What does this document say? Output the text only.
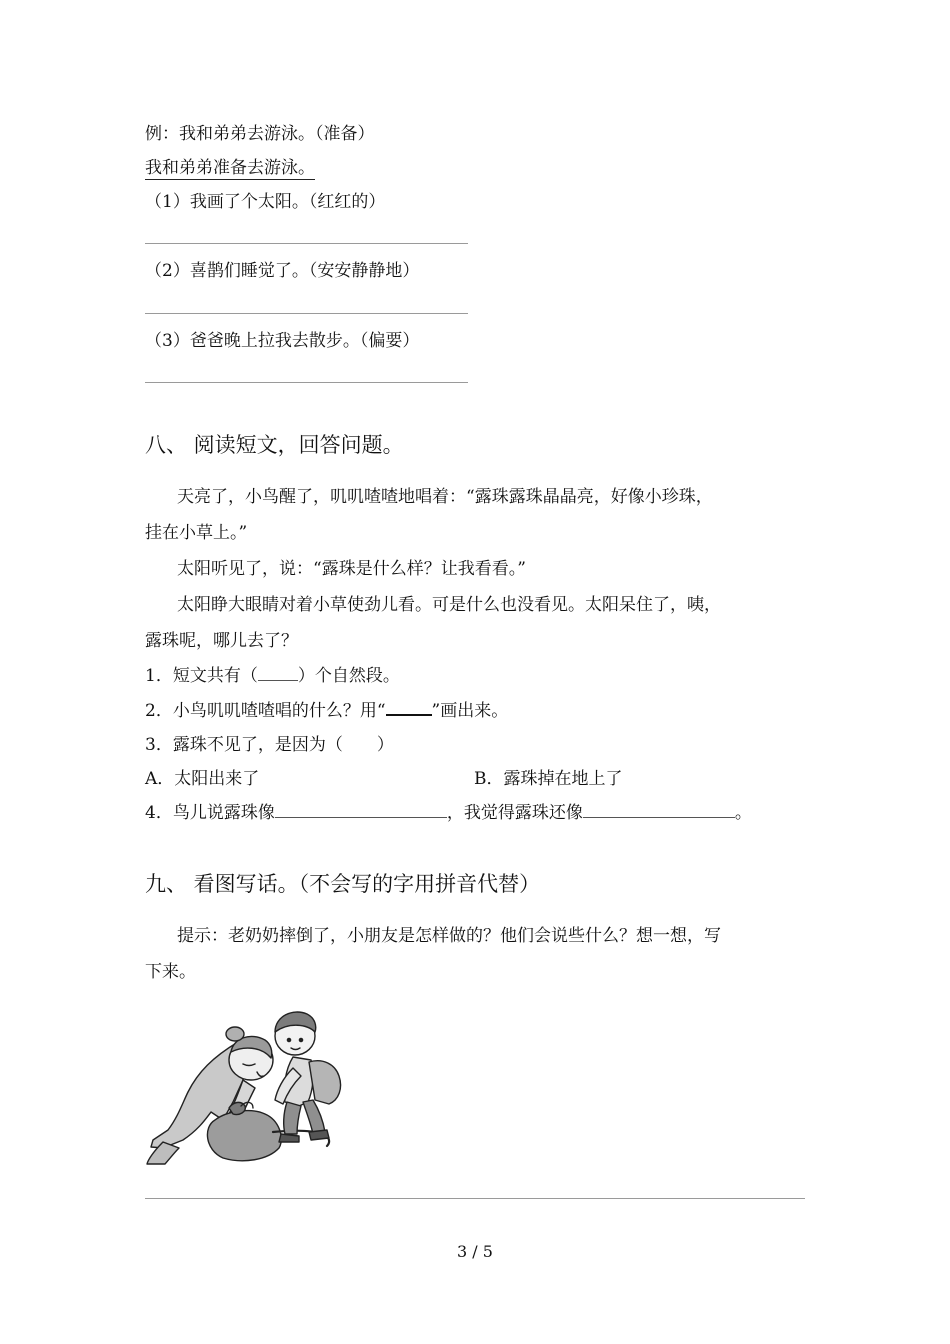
例：我和弟弟去游泳。（准备）
我和弟弟准备去游泳。
（1）我画了个太阳。（红红的）
（2）喜鹊们睡觉了。（安安静静地）
（3）爸爸晚上拉我去散步。（偏要）
八、 阅读短文，回答问题。
天亮了，小鸟醒了，叽叽喳喳地唱着：“露珠露珠晶晶亮，好像小珍珠，
挂在小草上。”
太阳听见了，说：“露珠是什么样？让我看看。”
太阳睁大眼睛对着小草使劲儿看。可是什么也没看见。太阳呆住了，咦，
露珠呢，哪儿去了？
1．短文共有（ ）个自然段。
2．小鸟叽叽喳喳唱的什么？用“	”画出来。
3．露珠不见了，是因为（　　）
A．太阳出来了	B．露珠掉在地上了
4．鸟儿说露珠像	，我觉得露珠还像	。
九、 看图写话。（不会写的字用拼音代替）
提示：老奶奶摔倒了，小朋友是怎样做的？他们会说些什么？想一想，写
下来。
3 / 5
